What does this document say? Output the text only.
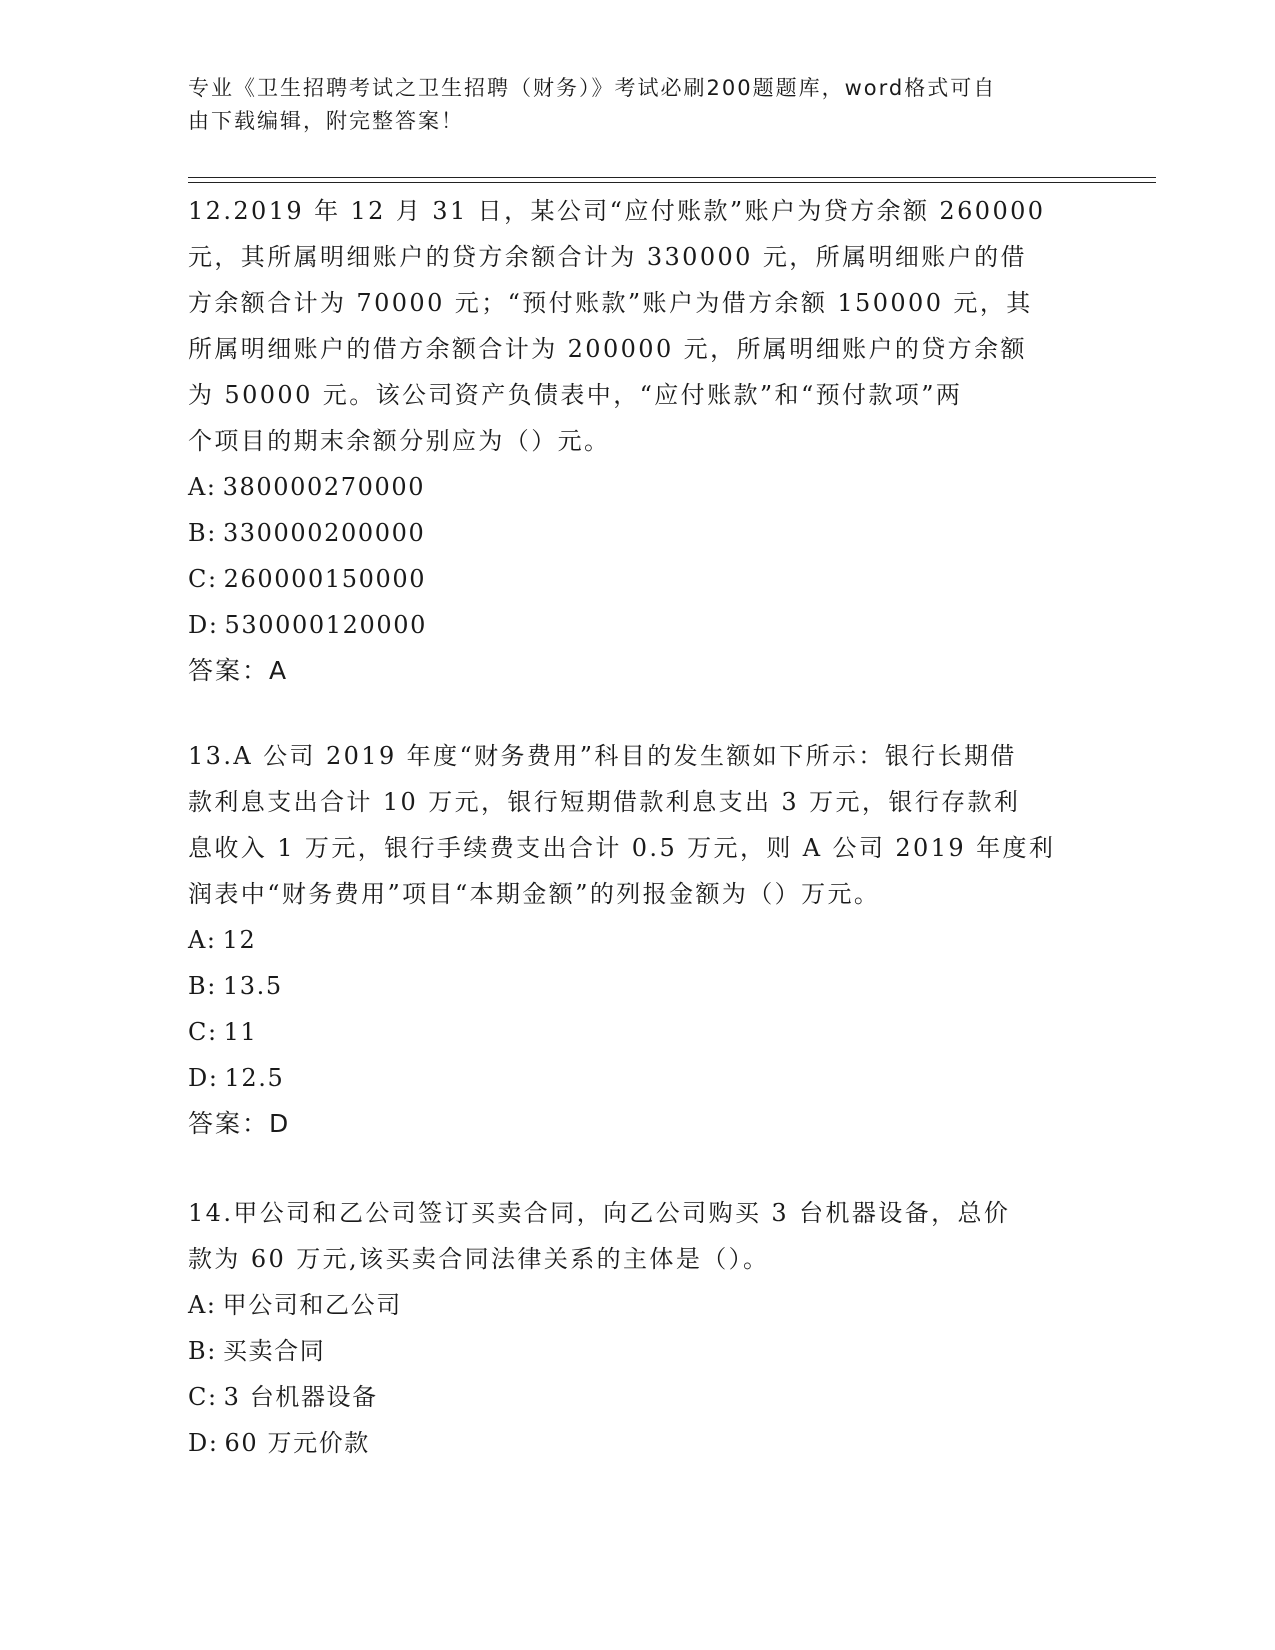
专业《卫生招聘考试之卫生招聘（财务）》考试必刷200题题库，word格式可自
由下载编辑，附完整答案！
12.2019 年 12 月 31 日，某公司“应付账款”账户为贷方余额 260000
元，其所属明细账户的贷方余额合计为 330000 元，所属明细账户的借
方余额合计为 70000 元；“预付账款”账户为借方余额 150000 元，其
所属明细账户的借方余额合计为 200000 元，所属明细账户的贷方余额
为 50000 元。该公司资产负债表中，“应付账款”和“预付款项”两
个项目的期末余额分别应为（）元。
A: 380000270000
B: 330000200000
C: 260000150000
D: 530000120000
答案：A
13.A 公司 2019 年度“财务费用”科目的发生额如下所示：银行长期借
款利息支出合计 10 万元，银行短期借款利息支出 3 万元，银行存款利
息收入 1 万元，银行手续费支出合计 0.5 万元，则 A 公司 2019 年度利
润表中“财务费用”项目“本期金额”的列报金额为（）万元。
A: 12
B: 13.5
C: 11
D: 12.5
答案：D
14.甲公司和乙公司签订买卖合同，向乙公司购买 3 台机器设备，总价
款为 60 万元,该买卖合同法律关系的主体是（）。
A: 甲公司和乙公司
B: 买卖合同
C: 3 台机器设备
D: 60 万元价款
